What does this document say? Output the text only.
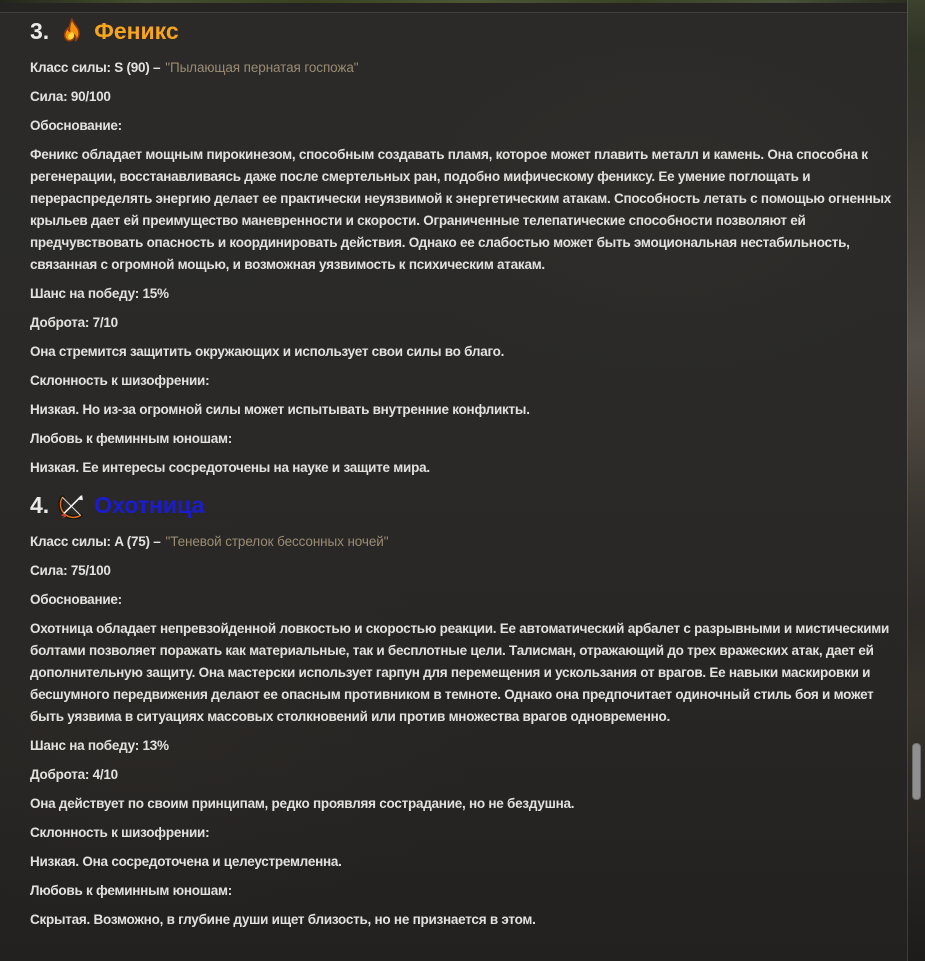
3. Феникс

Класс силы: S (90) – "Пылающая пернатая госпожа"

Сила: 90/100

Обоснование:

Феникс обладает мощным пирокинезом, способным создавать пламя, которое может плавить металл и камень. Она способна к регенерации, восстанавливаясь даже после смертельных ран, подобно мифическому фениксу. Ее умение поглощать и перераспределять энергию делает ее практически неуязвимой к энергетическим атакам. Способность летать с помощью огненных крыльев дает ей преимущество маневренности и скорости. Ограниченные телепатические способности позволяют ей предчувствовать опасность и координировать действия. Однако ее слабостью может быть эмоциональная нестабильность, связанная с огромной мощью, и возможная уязвимость к психическим атакам.

Шанс на победу: 15%

Доброта: 7/10

Она стремится защитить окружающих и использует свои силы во благо.

Склонность к шизофрении:

Низкая. Но из-за огромной силы может испытывать внутренние конфликты.

Любовь к феминным юношам:

Низкая. Ее интересы сосредоточены на науке и защите мира.

4. Охотница

Класс силы: A (75) – "Теневой стрелок бессонных ночей"

Сила: 75/100

Обоснование:

Охотница обладает непревзойденной ловкостью и скоростью реакции. Ее автоматический арбалет с разрывными и мистическими болтами позволяет поражать как материальные, так и бесплотные цели. Талисман, отражающий до трех вражеских атак, дает ей дополнительную защиту. Она мастерски использует гарпун для перемещения и ускользания от врагов. Ее навыки маскировки и бесшумного передвижения делают ее опасным противником в темноте. Однако она предпочитает одиночный стиль боя и может быть уязвима в ситуациях массовых столкновений или против множества врагов одновременно.

Шанс на победу: 13%

Доброта: 4/10

Она действует по своим принципам, редко проявляя сострадание, но не бездушна.

Склонность к шизофрении:

Низкая. Она сосредоточена и целеустремленна.

Любовь к феминным юношам:

Скрытая. Возможно, в глубине души ищет близость, но не признается в этом.
